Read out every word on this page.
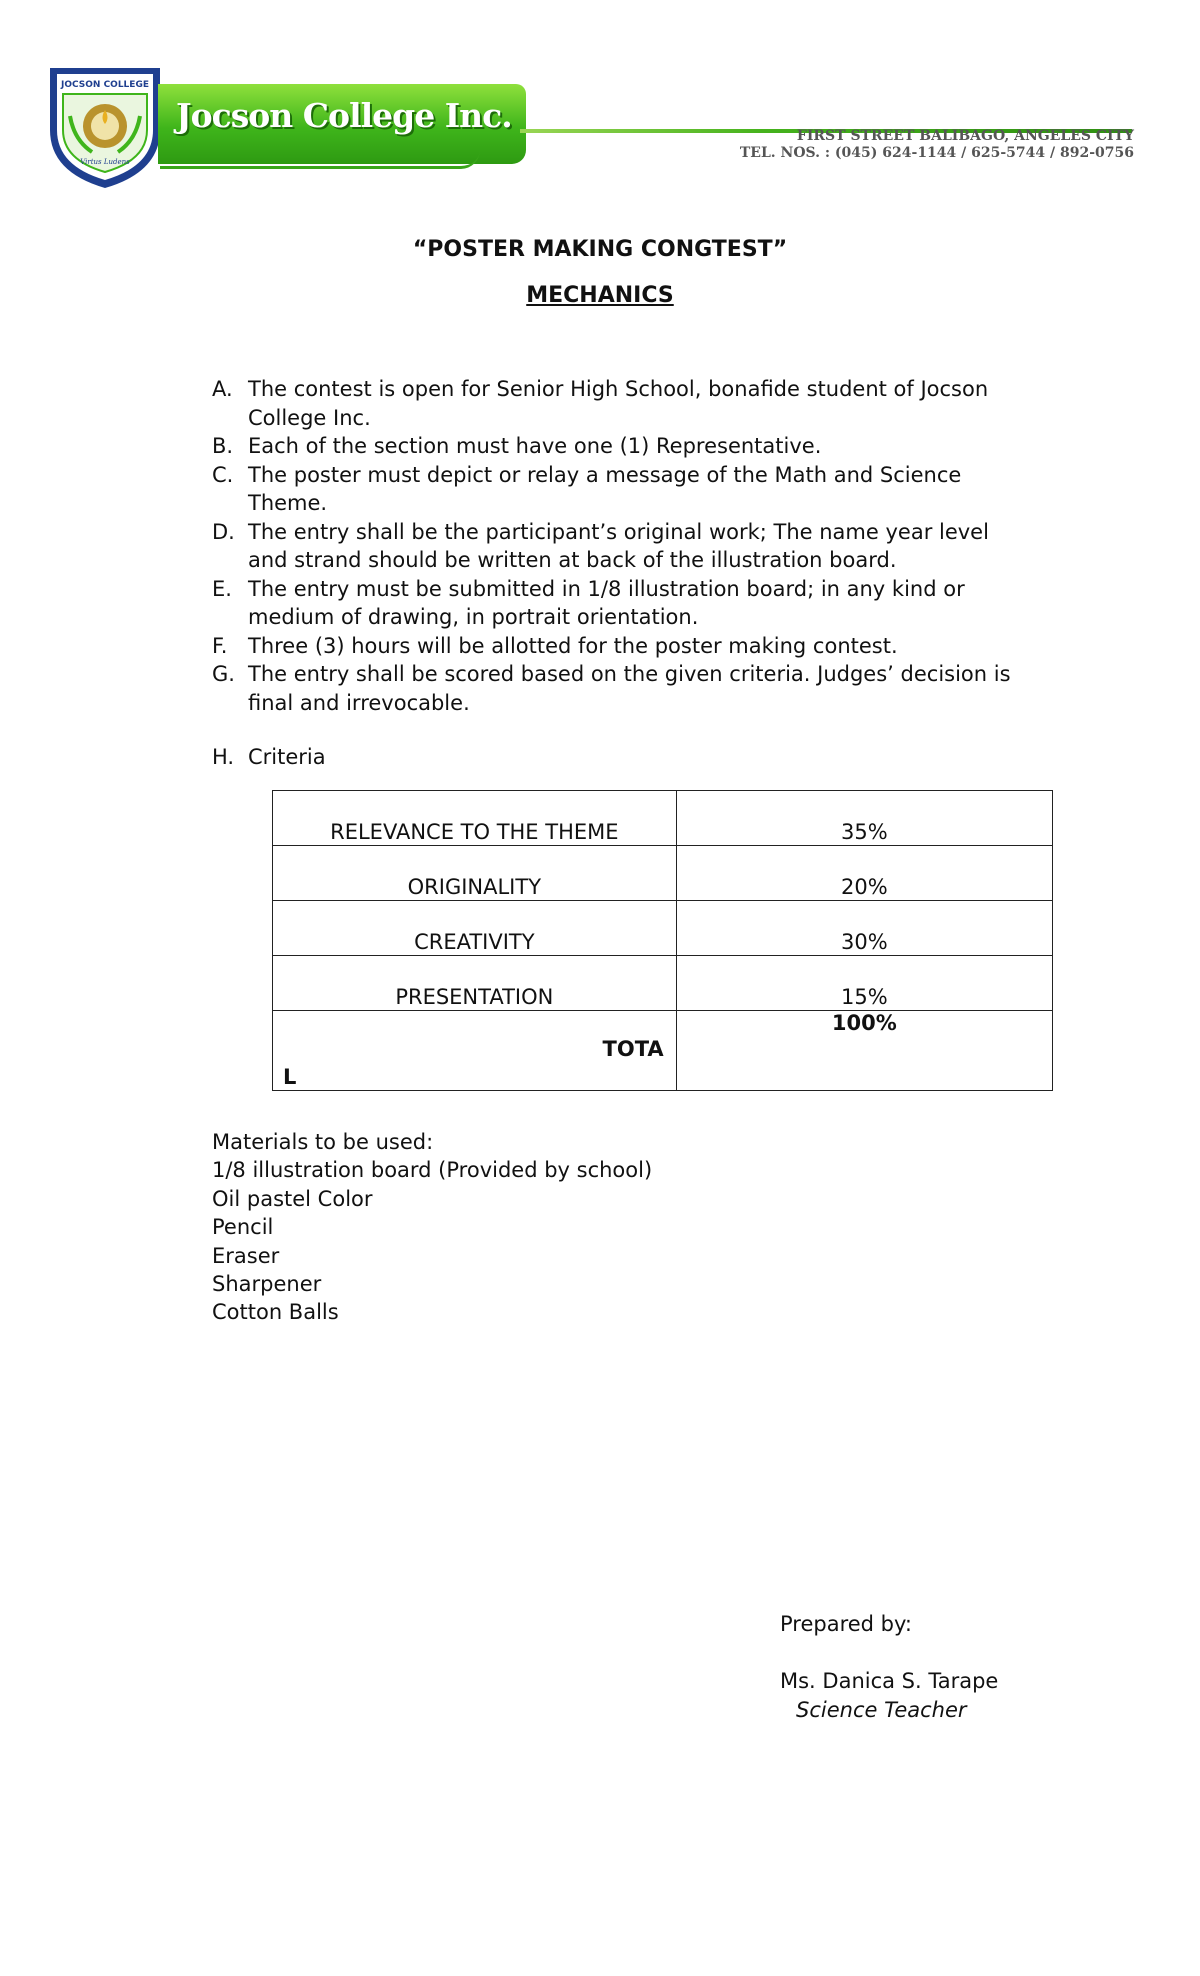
JOCSON COLLEGE
Virtus Ludens
Jocson College Inc.
FIRST STREET BALIBAGO, ANGELES CITY
TEL. NOS. : (045) 624-1144 / 625-5744 / 892-0756
“POSTER MAKING CONGTEST”
MECHANICS
A. The contest is open for Senior High School, bonafide student of Jocson
College Inc.
B. Each of the section must have one (1) Representative.
C. The poster must depict or relay a message of the Math and Science
Theme.
D. The entry shall be the participant’s original work; The name year level
and strand should be written at back of the illustration board.
E. The entry must be submitted in 1/8 illustration board; in any kind or
medium of drawing, in portrait orientation.
F. Three (3) hours will be allotted for the poster making contest.
G. The entry shall be scored based on the given criteria. Judges’ decision is
final and irrevocable.
H. Criteria
RELEVANCE TO THE THEME	35%
ORIGINALITY	20%
CREATIVITY	30%
PRESENTATION	15%

TOTA
L	100%
Materials to be used:
1/8 illustration board (Provided by school)
Oil pastel Color
Pencil
Eraser
Sharpener
Cotton Balls
Prepared by:
Ms. Danica S. Tarape
Science Teacher
